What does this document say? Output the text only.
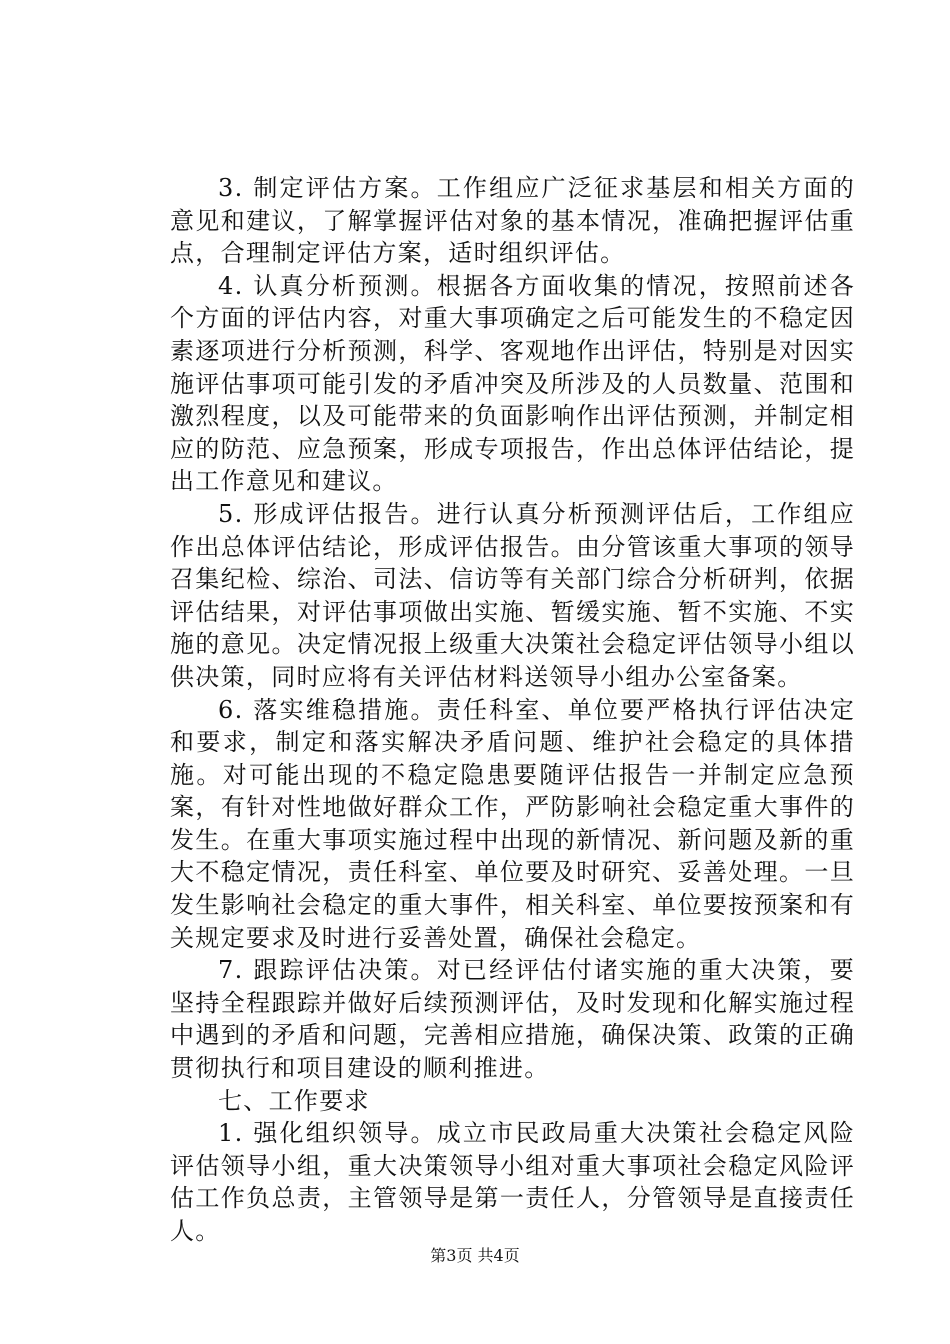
3. 制定评估方案。工作组应广泛征求基层和相关方面的意见和建议，了解掌握评估对象的基本情况，准确把握评估重点，合理制定评估方案，适时组织评估。

4. 认真分析预测。根据各方面收集的情况，按照前述各个方面的评估内容，对重大事项确定之后可能发生的不稳定因素逐项进行分析预测，科学、客观地作出评估，特别是对因实施评估事项可能引发的矛盾冲突及所涉及的人员数量、范围和激烈程度，以及可能带来的负面影响作出评估预测，并制定相应的防范、应急预案，形成专项报告，作出总体评估结论，提出工作意见和建议。

5. 形成评估报告。进行认真分析预测评估后，工作组应作出总体评估结论，形成评估报告。由分管该重大事项的领导召集纪检、综治、司法、信访等有关部门综合分析研判，依据评估结果，对评估事项做出实施、暂缓实施、暂不实施、不实施的意见。决定情况报上级重大决策社会稳定评估领导小组以供决策，同时应将有关评估材料送领导小组办公室备案。

6. 落实维稳措施。责任科室、单位要严格执行评估决定和要求，制定和落实解决矛盾问题、维护社会稳定的具体措施。对可能出现的不稳定隐患要随评估报告一并制定应急预案，有针对性地做好群众工作，严防影响社会稳定重大事件的发生。在重大事项实施过程中出现的新情况、新问题及新的重大不稳定情况，责任科室、单位要及时研究、妥善处理。一旦发生影响社会稳定的重大事件，相关科室、单位要按预案和有关规定要求及时进行妥善处置，确保社会稳定。

7. 跟踪评估决策。对已经评估付诸实施的重大决策，要坚持全程跟踪并做好后续预测评估，及时发现和化解实施过程中遇到的矛盾和问题，完善相应措施，确保决策、政策的正确贯彻执行和项目建设的顺利推进。

七、工作要求

1. 强化组织领导。成立市民政局重大决策社会稳定风险评估领导小组，重大决策领导小组对重大事项社会稳定风险评估工作负总责，主管领导是第一责任人，分管领导是直接责任人。

第3页 共4页
